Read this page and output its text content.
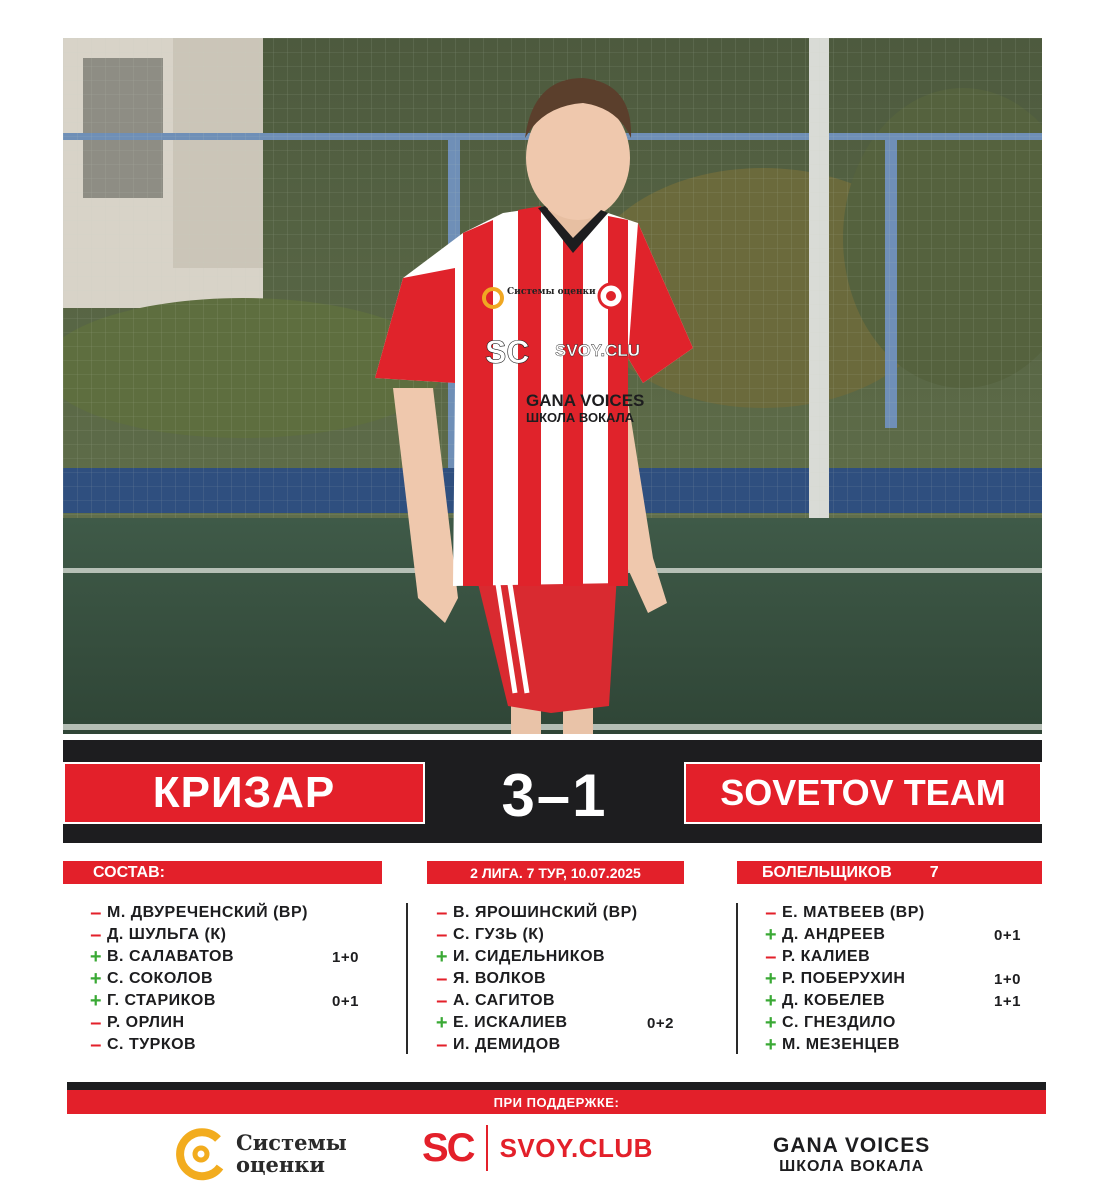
Системы оценки
SC SVOY.CLU
GANA VOICES
ШКОЛА ВОКАЛА
КРИЗАР	3–1	SOVETOV TEAM
СОСТАВ:	2 ЛИГА. 7 ТУР, 10.07.2025	БОЛЕЛЬЩИКОВ 7
– М. ДВУРЕЧЕНСКИЙ (ВР)
– Д. ШУЛЬГА (К)
+ В. САЛАВАТОВ	1+0
+ С. СОКОЛОВ
+ Г. СТАРИКОВ	0+1
– Р. ОРЛИН
– С. ТУРКОВ
– В. ЯРОШИНСКИЙ (ВР)
– С. ГУЗЬ (К)
+ И. СИДЕЛЬНИКОВ
– Я. ВОЛКОВ
– А. САГИТОВ
+ Е. ИСКАЛИЕВ	0+2
– И. ДЕМИДОВ
– Е. МАТВЕЕВ (ВР)
+ Д. АНДРЕЕВ	0+1
– Р. КАЛИЕВ
+ Р. ПОБЕРУХИН	1+0
+ Д. КОБЕЛЕВ	1+1
+ С. ГНЕЗДИЛО
+ М. МЕЗЕНЦЕВ
ПРИ ПОДДЕРЖКЕ:
Системы
оценки	SC SVOY.CLUB	GANA VOICES
ШКОЛА ВОКАЛА
